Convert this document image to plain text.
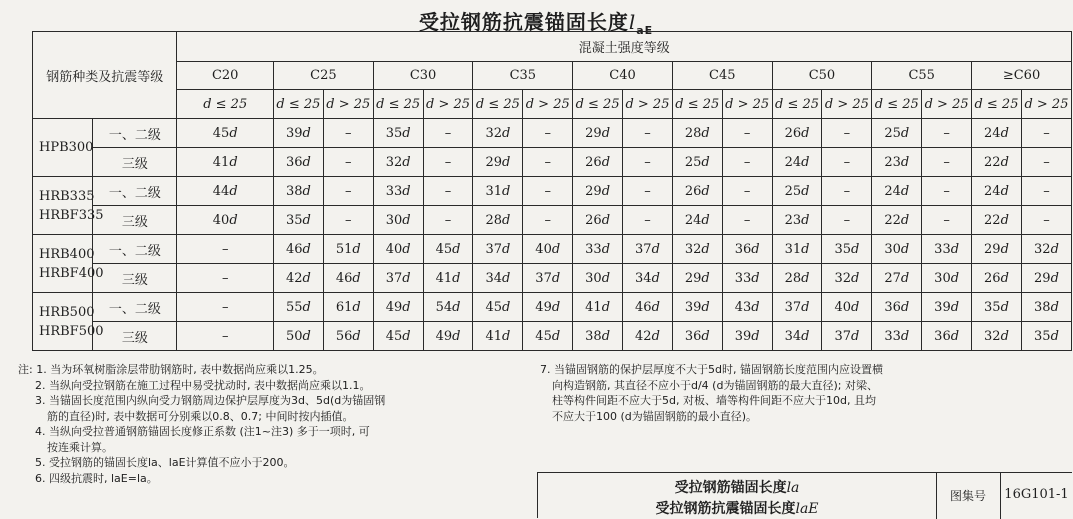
受拉钢筋抗震锚固长度$l_{aE}$
钢筋种类及抗震等级		混凝土强度等级																
		C20	C25		C30		C35		C40		C45		C50		C55		≥C60	
		d ≤ 25	d ≤ 25	d > 25	d ≤ 25	d > 25	d ≤ 25	d > 25	d ≤ 25	d > 25	d ≤ 25	d > 25	d ≤ 25	d > 25	d ≤ 25	d > 25	d ≤ 25	d > 25
HPB300	一、二级	45d	39d	–	35d	–	32d	–	29d	–	28d	–	26d	–	25d	–	24d	–
	三级	41d	36d	–	32d	–	29d	–	26d	–	25d	–	24d	–	23d	–	22d	–
HRB335
HRBF335	一、二级	44d	38d	–	33d	–	31d	–	29d	–	26d	–	25d	–	24d	–	24d	–
	三级	40d	35d	–	30d	–	28d	–	26d	–	24d	–	23d	–	22d	–	22d	–
HRB400
HRBF400	一、二级	–	46d	51d	40d	45d	37d	40d	33d	37d	32d	36d	31d	35d	30d	33d	29d	32d
	三级	–	42d	46d	37d	41d	34d	37d	30d	34d	29d	33d	28d	32d	27d	30d	26d	29d
HRB500
HRBF500	一、二级	–	55d	61d	49d	54d	45d	49d	41d	46d	39d	43d	37d	40d	36d	39d	35d	38d
	三级	–	50d	56d	45d	49d	41d	45d	38d	42d	36d	39d	34d	37d	33d	36d	32d	35d
注: 1. 当为环氧树脂涂层带肋钢筋时, 表中数据尚应乘以1.25。
2. 当纵向受拉钢筋在施工过程中易受扰动时, 表中数据尚应乘以1.1。
3. 当锚固长度范围内纵向受力钢筋周边保护层厚度为3d、5d(d为锚固钢
筋的直径)时, 表中数据可分别乘以0.8、0.7; 中间时按内插值。
4. 当纵向受拉普通钢筋锚固长度修正系数 (注1~注3) 多于一项时, 可
按连乘计算。
5. 受拉钢筋的锚固长度la、laE计算值不应小于200。
6. 四级抗震时, laE=la。
7. 当锚固钢筋的保护层厚度不大于5d时, 锚固钢筋长度范围内应设置横
向构造钢筋, 其直径不应小于d/4 (d为锚固钢筋的最大直径); 对梁、
柱等构件间距不应大于5d, 对板、墙等构件间距不应大于10d, 且均
不应大于100 (d为锚固钢筋的最小直径)。
受拉钢筋锚固长度la
受拉钢筋抗震锚固长度laE
图集号	16G101-1
